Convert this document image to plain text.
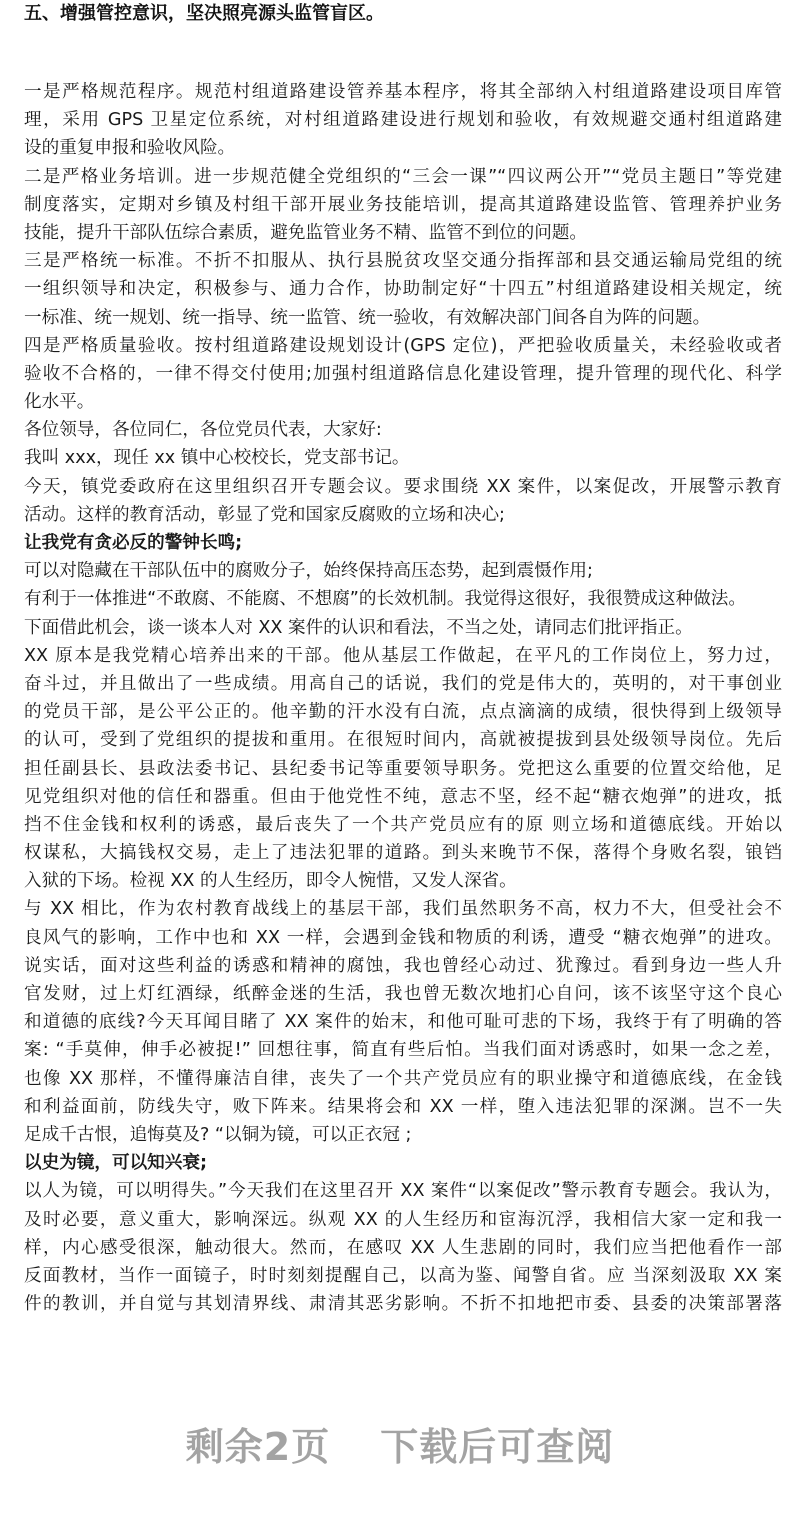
五、增强管控意识，坚决照亮源头监管盲区。
一是严格规范程序。规范村组道路建设管养基本程序，将其全部纳入村组道路建设项目库管
理，采用 GPS 卫星定位系统，对村组道路建设进行规划和验收，有效规避交通村组道路建
设的重复申报和验收风险。
二是严格业务培训。进一步规范健全党组织的“三会一课”“四议两公开”“党员主题日”等党建
制度落实，定期对乡镇及村组干部开展业务技能培训，提高其道路建设监管、管理养护业务
技能，提升干部队伍综合素质，避免监管业务不精、监管不到位的问题。
三是严格统一标准。不折不扣服从、执行县脱贫攻坚交通分指挥部和县交通运输局党组的统
一组织领导和决定，积极参与、通力合作，协助制定好“十四五”村组道路建设相关规定，统
一标准、统一规划、统一指导、统一监管、统一验收，有效解决部门间各自为阵的问题。
四是严格质量验收。按村组道路建设规划设计(GPS 定位)，严把验收质量关，未经验收或者
验收不合格的，一律不得交付使用;加强村组道路信息化建设管理，提升管理的现代化、科学
化水平。
各位领导，各位同仁，各位党员代表，大家好:
我叫 xxx，现任 xx 镇中心校校长，党支部书记。
今天，镇党委政府在这里组织召开专题会议。要求围绕 XX 案件，以案促改，开展警示教育
活动。这样的教育活动，彰显了党和国家反腐败的立场和决心;
让我党有贪必反的警钟长鸣;
可以对隐藏在干部队伍中的腐败分子，始终保持高压态势，起到震慑作用;
有利于一体推进“不敢腐、不能腐、不想腐”的长效机制。我觉得这很好，我很赞成这种做法。
下面借此机会，谈一谈本人对 XX 案件的认识和看法，不当之处，请同志们批评指正。
XX 原本是我党精心培养出来的干部。他从基层工作做起，在平凡的工作岗位上，努力过，
奋斗过，并且做出了一些成绩。用高自己的话说，我们的党是伟大的，英明的，对干事创业
的党员干部，是公平公正的。他辛勤的汗水没有白流，点点滴滴的成绩，很快得到上级领导
的认可，受到了党组织的提拔和重用。在很短时间内，高就被提拔到县处级领导岗位。先后
担任副县长、县政法委书记、县纪委书记等重要领导职务。党把这么重要的位置交给他，足
见党组织对他的信任和器重。但由于他党性不纯，意志不坚，经不起“糖衣炮弹”的进攻，抵
挡不住金钱和权利的诱惑，最后丧失了一个共产党员应有的原 则立场和道德底线。开始以
权谋私，大搞钱权交易，走上了违法犯罪的道路。到头来晚节不保，落得个身败名裂，锒铛
入狱的下场。检视 XX 的人生经历，即令人惋惜，又发人深省。
与 XX 相比，作为农村教育战线上的基层干部，我们虽然职务不高，权力不大，但受社会不
良风气的影响，工作中也和 XX 一样，会遇到金钱和物质的利诱，遭受 “糖衣炮弹”的进攻。
说实话，面对这些利益的诱惑和精神的腐蚀，我也曾经心动过、犹豫过。看到身边一些人升
官发财，过上灯红酒绿，纸醉金迷的生活，我也曾无数次地扪心自问，该不该坚守这个良心
和道德的底线?今天耳闻目睹了 XX 案件的始末，和他可耻可悲的下场，我终于有了明确的答
案: “手莫伸，伸手必被捉!” 回想往事，简直有些后怕。当我们面对诱惑时，如果一念之差，
也像 XX 那样，不懂得廉洁自律，丧失了一个共产党员应有的职业操守和道德底线，在金钱
和利益面前，防线失守，败下阵来。结果将会和 XX 一样，堕入违法犯罪的深渊。岂不一失
足成千古恨，追悔莫及? “以铜为镜，可以正衣冠 ;
以史为镜，可以知兴衰;
以人为镜，可以明得失。”今天我们在这里召开 XX 案件“以案促改”警示教育专题会。我认为，
及时必要，意义重大，影响深远。纵观 XX 的人生经历和宦海沉浮，我相信大家一定和我一
样，内心感受很深，触动很大。然而，在感叹 XX 人生悲剧的同时，我们应当把他看作一部
反面教材，当作一面镜子，时时刻刻提醒自己，以高为鉴、闻警自省。应 当深刻汲取 XX 案
件的教训，并自觉与其划清界线、肃清其恶劣影响。不折不扣地把市委、县委的决策部署落
剩余2页 下载后可查阅
